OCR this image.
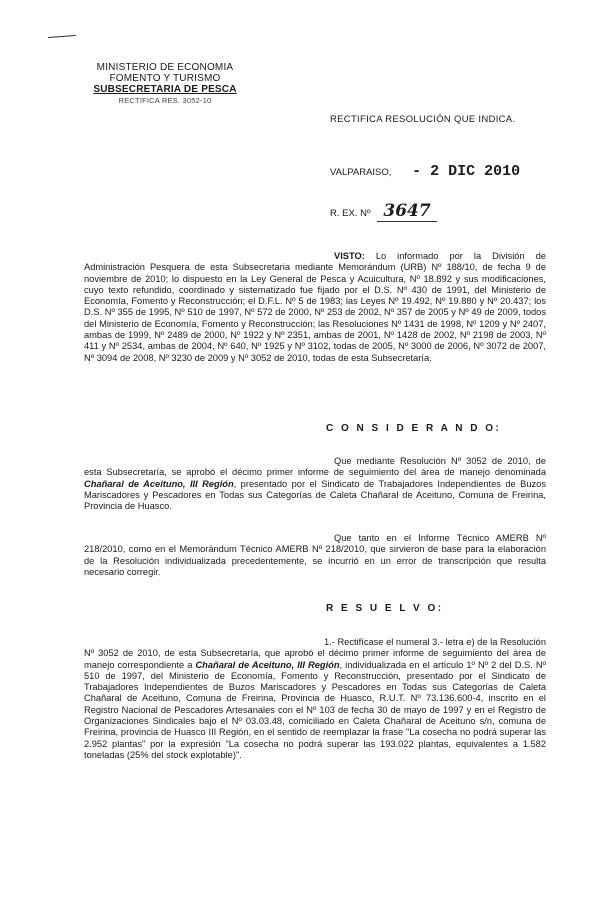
MINISTERIO DE ECONOMIA
FOMENTO Y TURISMO
SUBSECRETARIA DE PESCA
RECTIFICA RES. 3052-10
RECTIFICA RESOLUCIÓN QUE INDICA.
VALPARAISO, - 2 DIC 2010
R. EX. Nº 3647

VISTO: Lo informado por la División de Administración Pesquera de esta Subsecretaria mediante Memorándum (URB) Nº 188/10, de fecha 9 de noviembre de 2010; lo dispuesto en la Ley General de Pesca y Acuicultura, Nº 18.892 y sus modificaciones, cuyo texto refundido, coordinado y sistematizado fue fijado por el D.S. Nº 430 de 1991, del Ministerio de Economía, Fomento y Reconstrucción; el D.F.L. Nº 5 de 1983; las Leyes Nº 19.492, Nº 19.880 y Nº 20.437; los D.S. Nº 355 de 1995, Nº 510 de 1997, Nº 572 de 2000, Nº 253 de 2002, Nº 357 de 2005 y Nº 49 de 2009, todos del Ministerio de Economía, Fomento y Reconstrucción; las Resoluciones Nº 1431 de 1998, Nº 1209 y Nº 2407, ambas de 1999, Nº 2489 de 2000, Nº 1922 y Nº 2351, ambas de 2001, Nº 1428 de 2002, Nº 2198 de 2003, Nº 411 y Nº 2534, ambas de 2004, Nº 640, Nº 1925 y Nº 3102, todas de 2005, Nº 3000 de 2006, Nº 3072 de 2007, Nº 3094 de 2008, Nº 3230 de 2009 y Nº 3052 de 2010, todas de esta Subsecretaría.

C O N S I D E R A N D O:

Que mediante Resolución Nº 3052 de 2010, de esta Subsecretaría, se aprobó el décimo primer informe de seguimiento del área de manejo denominada Chañaral de Aceituno, III Región, presentado por el Sindicato de Trabajadores Independientes de Buzos Mariscadores y Pescadores en Todas sus Categorías de Caleta Chañaral de Aceituno, Comuna de Freirina, Provincia de Huasco.

Que tanto en el Informe Técnico AMERB Nº 218/2010, como en el Memorándum Técnico AMERB Nº 218/2010, que sirvieron de base para la elaboración de la Resolución individualizada precedentemente, se incurrió en un error de transcripción que resulta necesario corregir.

R E S U E L V O:

1.- Rectifícase el numeral 3.- letra e) de la Resolución Nº 3052 de 2010, de esta Subsecretaría, que aprobó el décimo primer informe de seguimiento del área de manejo correspondiente a Chañaral de Aceituno, III Región, individualizada en el artículo 1º Nº 2 del D.S. Nº 510 de 1997, del Ministerio de Economía, Fomento y Reconstrucción, presentado por el Sindicato de Trabajadores Independientes de Buzos Mariscadores y Pescadores en Todas sus Categorías de Caleta Chañaral de Aceituno, Comuna de Freirina, Provincia de Huasco, R.U.T. Nº 73.136.600-4, inscrito en el Registro Nacional de Pescadores Artesanales con el Nº 103 de fecha 30 de mayo de 1997 y en el Registro de Organizaciones Sindicales bajo el Nº 03.03.48, comiciliado en Caleta Chañaral de Aceituno s/n, comuna de Freirina, provincia de Huasco III Región, en el sentido de reemplazar la frase "La cosecha no podrá superar las 2.952 plantas" por la expresión "La cosecha no podrá superar las 193.022 plantas, equivalentes a 1.582 toneladas (25% del stock explotable)".
